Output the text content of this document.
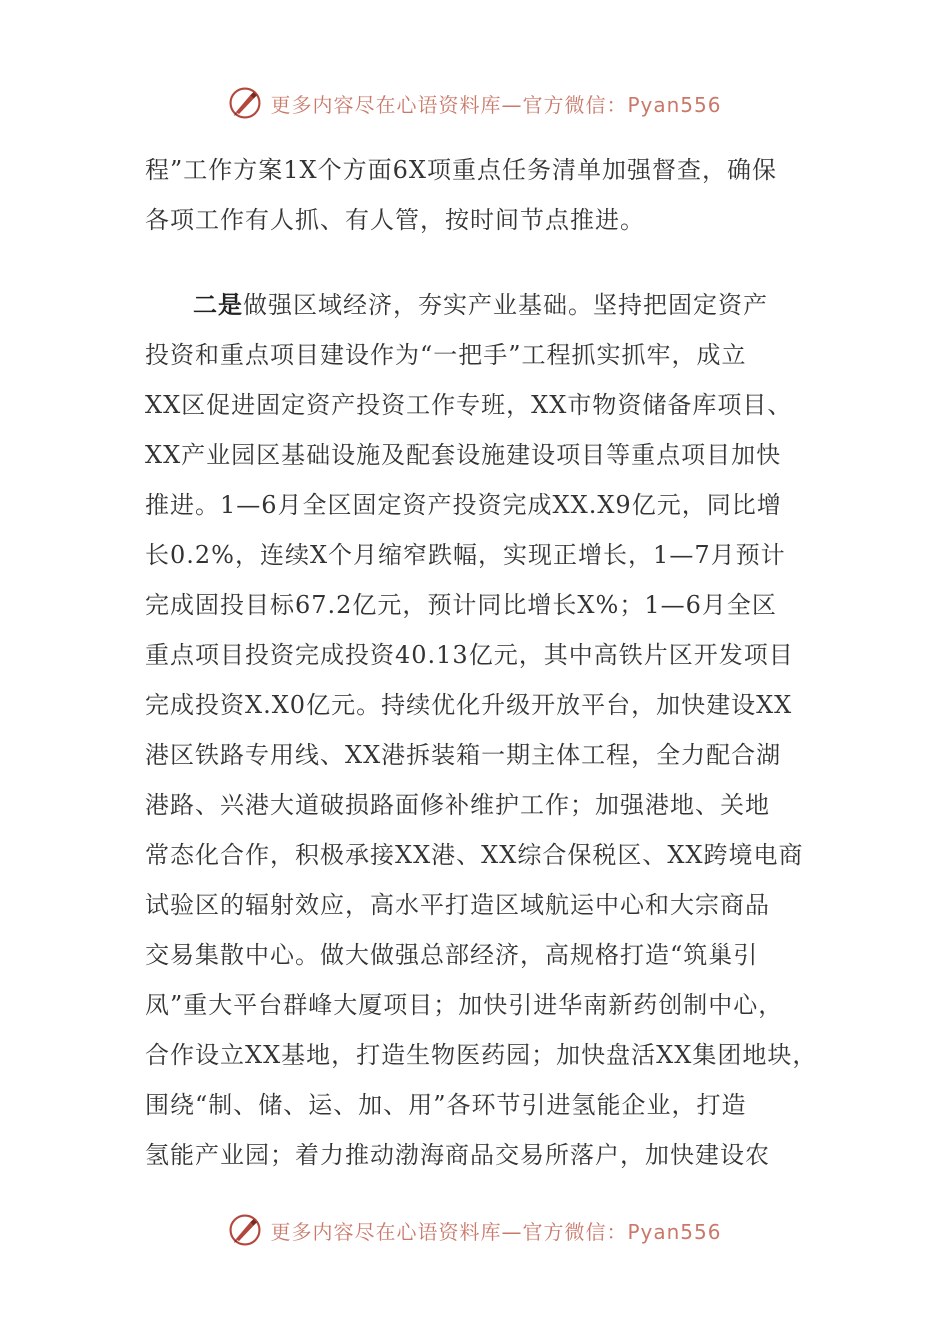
更多内容尽在心语资料库—官方微信：Pyan556
程”工作方案1X个方面6X项重点任务清单加强督查，确保
各项工作有人抓、有人管，按时间节点推进。
二是做强区域经济，夯实产业基础。坚持把固定资产
投资和重点项目建设作为“一把手”工程抓实抓牢，成立
XX区促进固定资产投资工作专班，XX市物资储备库项目、
XX产业园区基础设施及配套设施建设项目等重点项目加快
推进。1—6月全区固定资产投资完成XX.X9亿元，同比增
长0.2%，连续X个月缩窄跌幅，实现正增长，1—7月预计
完成固投目标67.2亿元，预计同比增长X%；1—6月全区
重点项目投资完成投资40.13亿元，其中高铁片区开发项目
完成投资X.X0亿元。持续优化升级开放平台，加快建设XX
港区铁路专用线、XX港拆装箱一期主体工程，全力配合湖
港路、兴港大道破损路面修补维护工作；加强港地、关地
常态化合作，积极承接XX港、XX综合保税区、XX跨境电商
试验区的辐射效应，高水平打造区域航运中心和大宗商品
交易集散中心。做大做强总部经济，高规格打造“筑巢引
凤”重大平台群峰大厦项目；加快引进华南新药创制中心，
合作设立XX基地，打造生物医药园；加快盘活XX集团地块，
围绕“制、储、运、加、用”各环节引进氢能企业，打造
氢能产业园；着力推动渤海商品交易所落户，加快建设农
更多内容尽在心语资料库—官方微信：Pyan556
